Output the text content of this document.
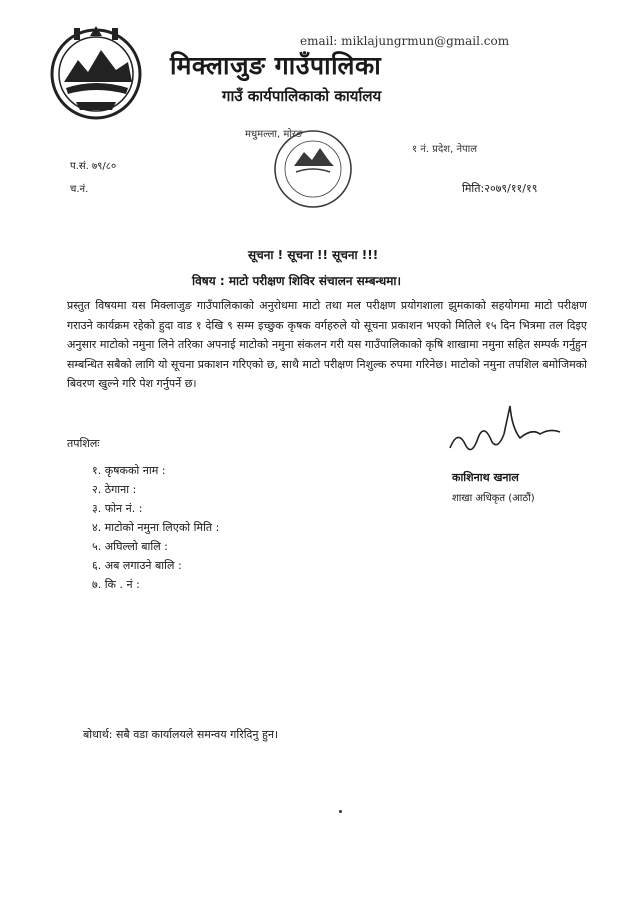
email: miklajungrmun@gmail.com
मिक्लाजुङ गाउँपालिका
गाउँ कार्यपालिकाको कार्यालय
मधुमल्ला, मोरङ
१ नं. प्रदेश, नेपाल
प.सं. ७९/८०
च.नं.	मिति:२०७९/११/१९
सूचना ! सूचना !! सूचना !!!
विषय : माटो परीक्षण शिविर संचालन सम्बन्धमा।
प्रस्तुत विषयमा यस मिक्लाजुङ गाउँपालिकाको अनुरोधमा माटो तथा मल परीक्षण प्रयोगशाला झुमकाको सहयोगमा माटो परीक्षण गराउने कार्यक्रम रहेको हुदा वाड १ देखि ९ सम्म इच्छुक कृषक वर्गहरुले यो सूचना प्रकाशन भएको मितिले १५ दिन भित्रमा तल दिइए अनुसार माटोको नमुना लिने तरिका अपनाई माटोको नमुना संकलन गरी यस गाउँपालिकाको कृषि शाखामा नमुना सहित सम्पर्क गर्नुहुन सम्बन्धित सबैको लागि यो सूचना प्रकाशन गरिएको छ, साथै माटो परीक्षण निशुल्क रुपमा गरिनेछ। माटोको नमुना तपशिल बमोजिमको बिवरण खुल्ने गरि पेश गर्नुपर्ने छ।
तपशिलः
१. कृषकको नाम :
२. ठेगाना :
३. फोन नं. :
४. माटोको नमुना लिएको मिति :
५. अघिल्लो बालि :
६. अब लगाउने बालि :
७. कि . नं :
काशिनाथ खनाल
शाखा अधिकृत (आठौं)
बोधार्थ: सबै वडा कार्यालयले समन्वय गरिदिनु हुन।
